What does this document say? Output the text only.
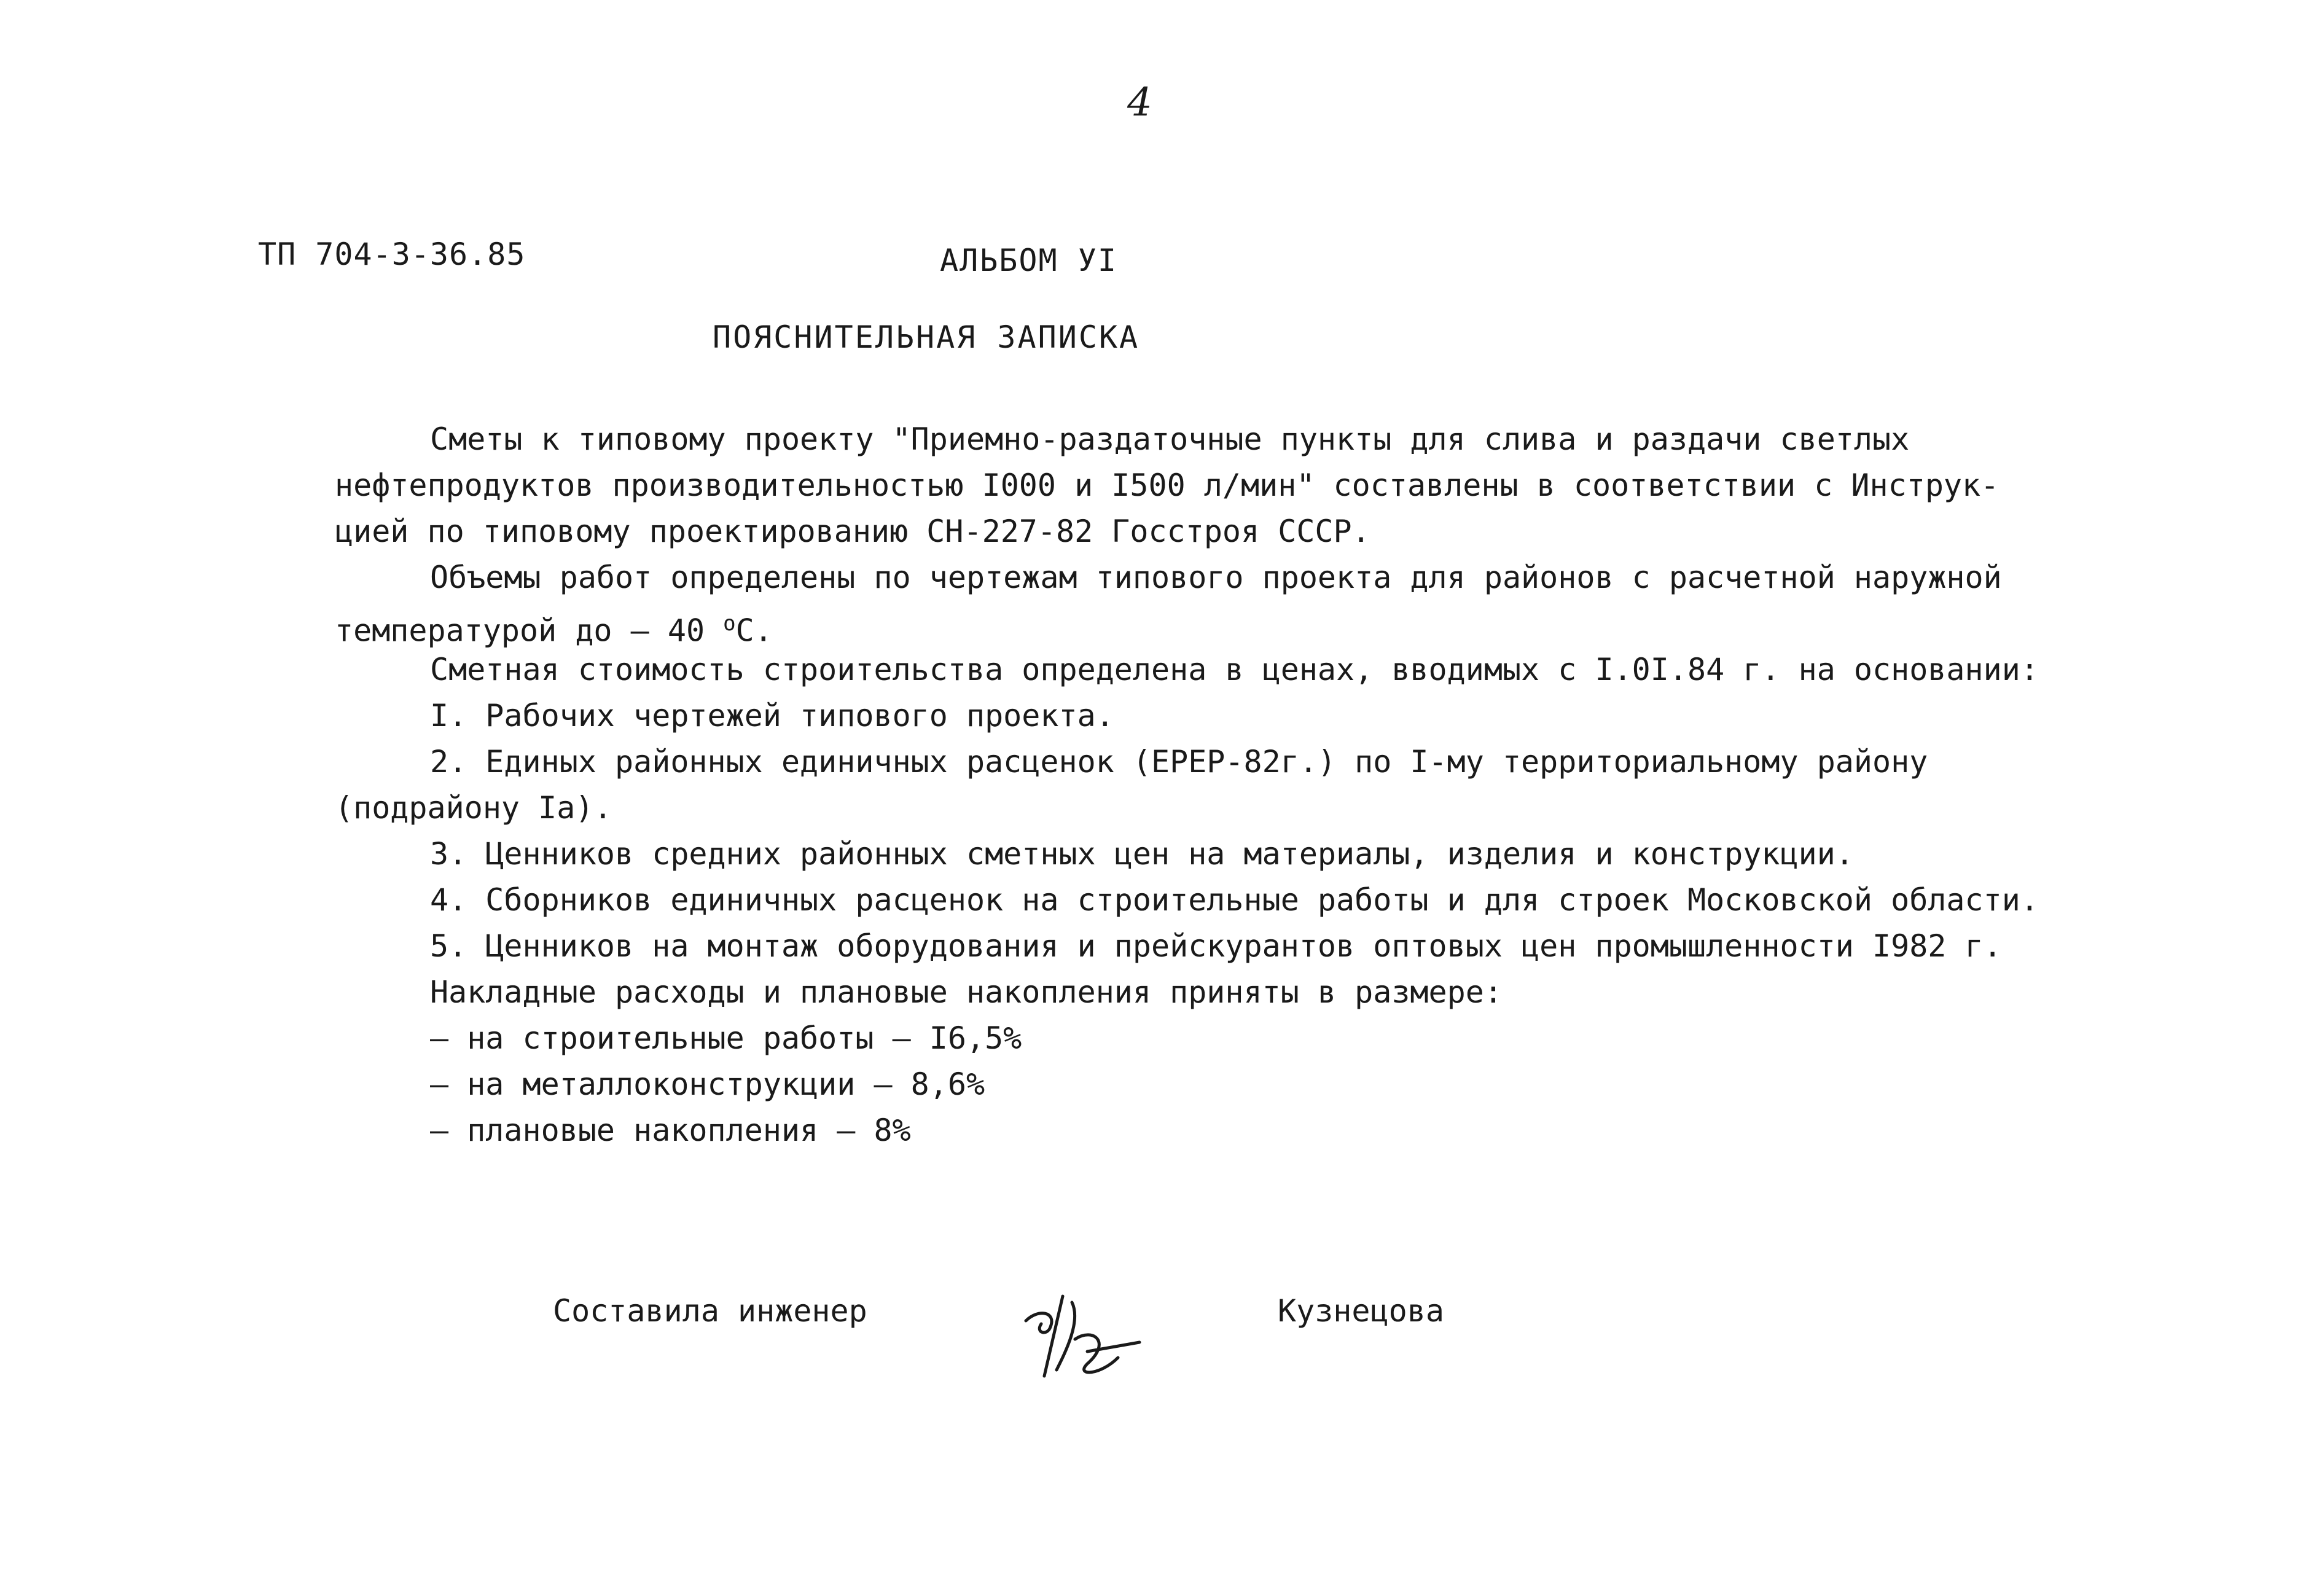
4
ТП 704-3-36.85	АЛЬБОМ УI
ПОЯСНИТЕЛЬНАЯ ЗАПИСКА
Сметы к типовому проекту "Приемно-раздаточные пункты для слива и раздачи светлых
нефтепродуктов производительностью I000 и I500 л/мин" составлены в соответствии с Инструк-
цией по типовому проектированию СН-227-82 Госстроя СССР.
Объемы работ определены по чертежам типового проекта для районов с расчетной наружной
температурой до – 40 $^o$С.
Сметная стоимость строительства определена в ценах, вводимых с I.0I.84 г. на основании:
I. Рабочих чертежей типового проекта.
2. Единых районных единичных расценок (ЕРЕР-82г.) по I-му территориальному району
(подрайону Iа).
3. Ценников средних районных сметных цен на материалы, изделия и конструкции.
4. Сборников единичных расценок на строительные работы и для строек Московской области.
5. Ценников на монтаж оборудования и прейскурантов оптовых цен промышленности I982 г.
Накладные расходы и плановые накопления приняты в размере:
– на строительные работы – I6,5%
– на металлоконструкции – 8,6%
– плановые накопления – 8%
Составила инженер	Кузнецова
